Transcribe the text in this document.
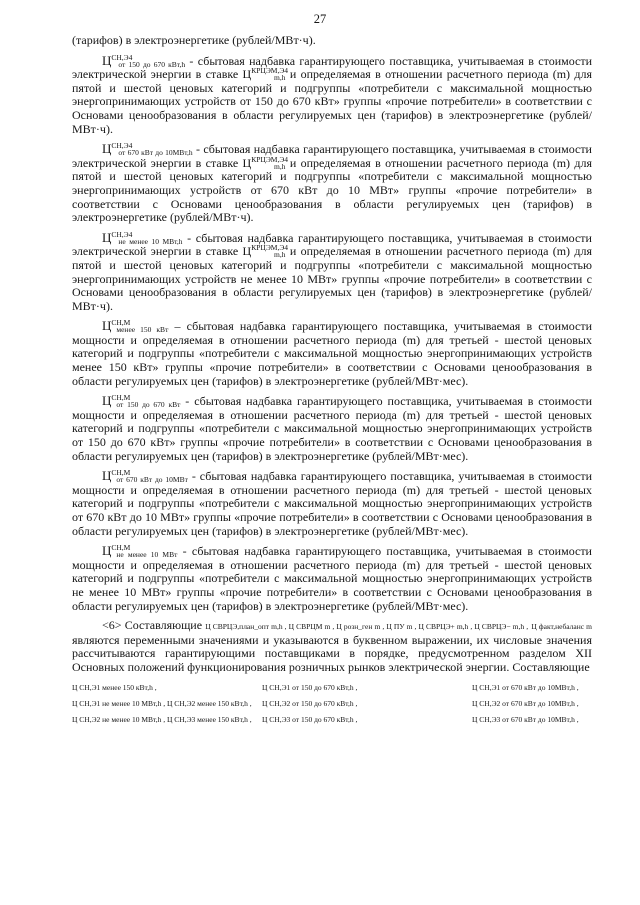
27

(тарифов) в электроэнергетике (рублей/МВт·ч).

$Ц^{СН,Э4}_{от 150 до 670 кВт,h}$ - сбытовая надбавка гарантирующего поставщика, учитываемая в стоимости электрической энергии в ставке $Ц^{КРЦЭМ,Э4}_{m,h}$ и определяемая в отношении расчетного периода (m) для пятой и шестой ценовых категорий и подгруппы «потребители с максимальной мощностью энергопринимающих устройств от 150 до 670 кВт» группы «прочие потребители» в соответствии с Основами ценообразования в области регулируемых цен (тарифов) в электроэнергетике (рублей/МВт·ч).

$Ц^{СН,Э4}_{от 670 кВт до 10МВт,h}$ - сбытовая надбавка гарантирующего поставщика, учитываемая в стоимости электрической энергии в ставке $Ц^{КРЦЭМ,Э4}_{m,h}$ и определяемая в отношении расчетного периода (m) для пятой и шестой ценовых категорий и подгруппы «потребители с максимальной мощностью энергопринимающих устройств от 670 кВт до 10 МВт» группы «прочие потребители» в соответствии с Основами ценообразования в области регулируемых цен (тарифов) в электроэнергетике (рублей/МВт·ч).

$Ц^{СН,Э4}_{не менее 10 МВт,h}$ - сбытовая надбавка гарантирующего поставщика, учитываемая в стоимости электрической энергии в ставке $Ц^{КРЦЭМ,Э4}_{m,h}$ и определяемая в отношении расчетного периода (m) для пятой и шестой ценовых категорий и подгруппы «потребители с максимальной мощностью энергопринимающих устройств не менее 10 МВт» группы «прочие потребители» в соответствии с Основами ценообразования в области регулируемых цен (тарифов) в электроэнергетике (рублей/МВт·ч).

$Ц^{СН,М}_{менее 150 кВт}$ – сбытовая надбавка гарантирующего поставщика, учитываемая в стоимости мощности и определяемая в отношении расчетного периода (m) для третьей - шестой ценовых категорий и подгруппы «потребители с максимальной мощностью энергопринимающих устройств менее 150 кВт» группы «прочие потребители» в соответствии с Основами ценообразования в области регулируемых цен (тарифов) в электроэнергетике (рублей/МВт·мес).

$Ц^{СН,М}_{от 150 до 670 кВт}$ - сбытовая надбавка гарантирующего поставщика, учитываемая в стоимости мощности и определяемая в отношении расчетного периода (m) для третьей - шестой ценовых категорий и подгруппы «потребители с максимальной мощностью энергопринимающих устройств от 150 до 670 кВт» группы «прочие потребители» в соответствии с Основами ценообразования в области регулируемых цен (тарифов) в электроэнергетике (рублей/МВт·мес).

$Ц^{СН,М}_{от 670 кВт до 10МВт}$ - сбытовая надбавка гарантирующего поставщика, учитываемая в стоимости мощности и определяемая в отношении расчетного периода (m) для третьей - шестой ценовых категорий и подгруппы «потребители с максимальной мощностью энергопринимающих устройств от 670 кВт до 10 МВт» группы «прочие потребители» в соответствии с Основами ценообразования в области регулируемых цен (тарифов) в электроэнергетике (рублей/МВт·мес).

$Ц^{СН,М}_{не менее 10 МВт}$ - сбытовая надбавка гарантирующего поставщика, учитываемая в стоимости мощности и определяемая в отношении расчетного периода (m) для третьей - шестой ценовых категорий и подгруппы «потребители с максимальной мощностью энергопринимающих устройств не менее 10 МВт» группы «прочие потребители» в соответствии с Основами ценообразования в области регулируемых цен (тарифов) в электроэнергетике (рублей/МВт·мес).

<6> Составляющие Ц СВРЦЭ,план_опт m,h , Ц СВРЦМ m , Ц розн_ген m , Ц ПУ m , Ц СВРЦЭ+ m,h , Ц СВРЦЭ− m,h , Ц факт,небаланс m являются переменными значениями и указываются в буквенном выражении, их числовые значения рассчитываются гарантирующими поставщиками в порядке, предусмотренном разделом XII Основных положений функционирования розничных рынков электрической энергии. Составляющие

Ц СН,Э1 менее 150 кВт,h ,	Ц СН,Э1 от 150 до 670 кВт,h ,	Ц СН,Э1 от 670 кВт до 10МВт,h ,
Ц СН,Э1 не менее 10 МВт,h , Ц СН,Э2 менее 150 кВт,h ,	Ц СН,Э2 от 150 до 670 кВт,h ,	Ц СН,Э2 от 670 кВт до 10МВт,h ,
Ц СН,Э2 не менее 10 МВт,h , Ц СН,Э3 менее 150 кВт,h ,	Ц СН,Э3 от 150 до 670 кВт,h ,	Ц СН,Э3 от 670 кВт до 10МВт,h ,
